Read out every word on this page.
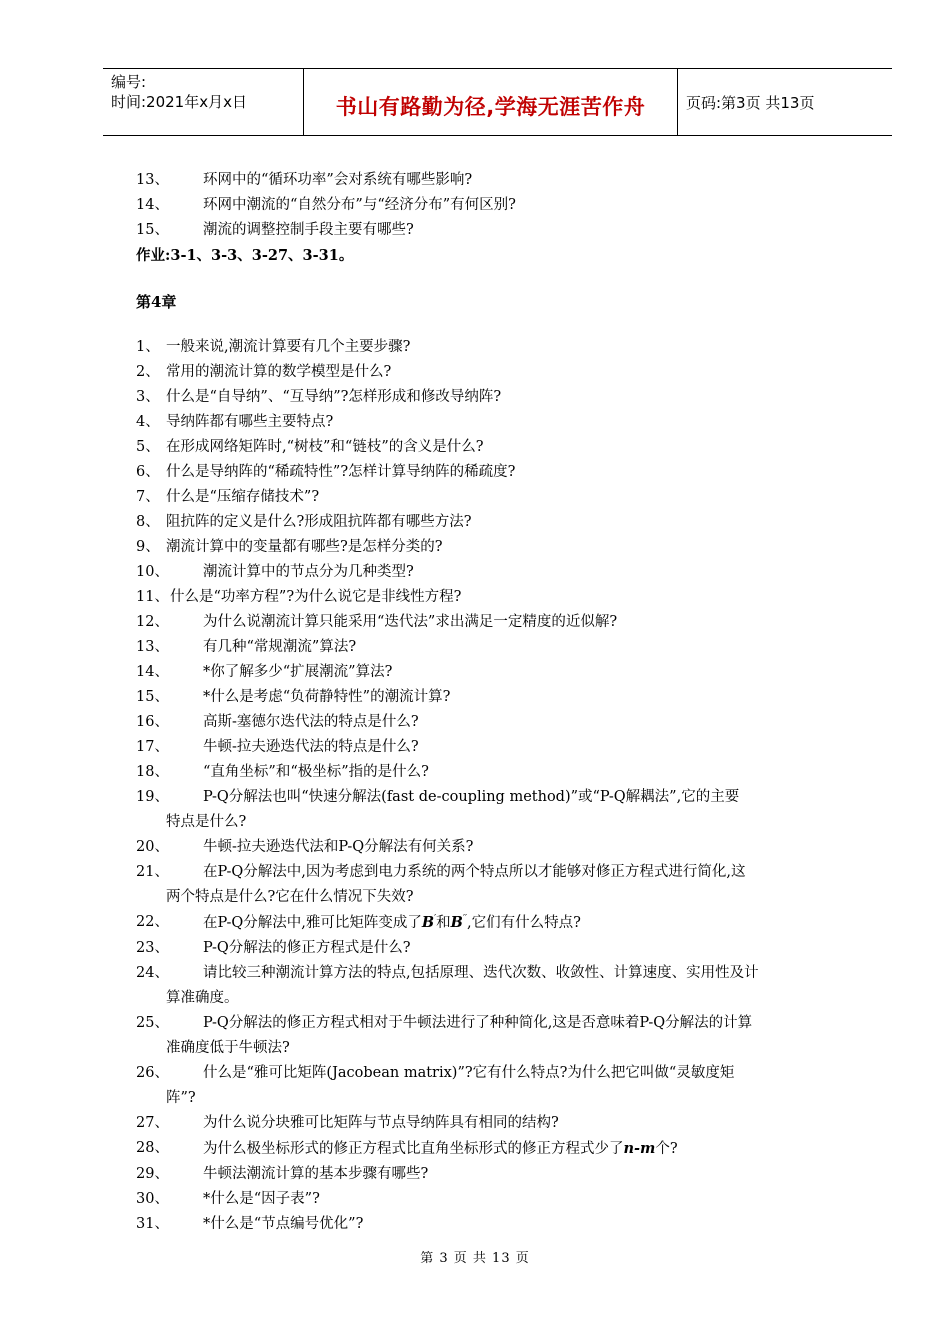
编号:
时间:2021年x月x日	书山有路勤为径,学海无涯苦作舟	页码:第3页 共13页
13、 环网中的“循环功率”会对系统有哪些影响?
14、 环网中潮流的“自然分布”与“经济分布”有何区别?
15、 潮流的调整控制手段主要有哪些?
作业:3-1、3-3、3-27、3-31。
第4章
1、 一般来说,潮流计算要有几个主要步骤?
2、 常用的潮流计算的数学模型是什么?
3、 什么是“自导纳”、“互导纳”?怎样形成和修改导纳阵?
4、 导纳阵都有哪些主要特点?
5、 在形成网络矩阵时,“树枝”和“链枝”的含义是什么?
6、 什么是导纳阵的“稀疏特性”?怎样计算导纳阵的稀疏度?
7、 什么是“压缩存储技术”?
8、 阻抗阵的定义是什么?形成阻抗阵都有哪些方法?
9、 潮流计算中的变量都有哪些?是怎样分类的?
10、 潮流计算中的节点分为几种类型?
11、 什么是“功率方程”?为什么说它是非线性方程?
12、 为什么说潮流计算只能采用“迭代法”求出满足一定精度的近似解?
13、 有几种“常规潮流”算法?
14、 *你了解多少“扩展潮流”算法?
15、 *什么是考虑“负荷静特性”的潮流计算?
16、 高斯-塞德尔迭代法的特点是什么?
17、 牛顿-拉夫逊迭代法的特点是什么?
18、 “直角坐标”和“极坐标”指的是什么?
19、 P-Q分解法也叫“快速分解法(fast de-coupling method)”或“P-Q解耦法”,它的主要
特点是什么?
20、 牛顿-拉夫逊迭代法和P-Q分解法有何关系?
21、 在P-Q分解法中,因为考虑到电力系统的两个特点所以才能够对修正方程式进行简化,这
两个特点是什么?它在什么情况下失效?
22、 在P-Q分解法中,雅可比矩阵变成了B′和B′′,它们有什么特点?
23、 P-Q分解法的修正方程式是什么?
24、 请比较三种潮流计算方法的特点,包括原理、迭代次数、收敛性、计算速度、实用性及计
算准确度。
25、 P-Q分解法的修正方程式相对于牛顿法进行了种种简化,这是否意味着P-Q分解法的计算
准确度低于牛顿法?
26、 什么是“雅可比矩阵(Jacobean matrix)”?它有什么特点?为什么把它叫做“灵敏度矩
阵”?
27、 为什么说分块雅可比矩阵与节点导纳阵具有相同的结构?
28、 为什么极坐标形式的修正方程式比直角坐标形式的修正方程式少了n-m个?
29、 牛顿法潮流计算的基本步骤有哪些?
30、 *什么是“因子表”?
31、 *什么是“节点编号优化”?
第 3 页 共 13 页
